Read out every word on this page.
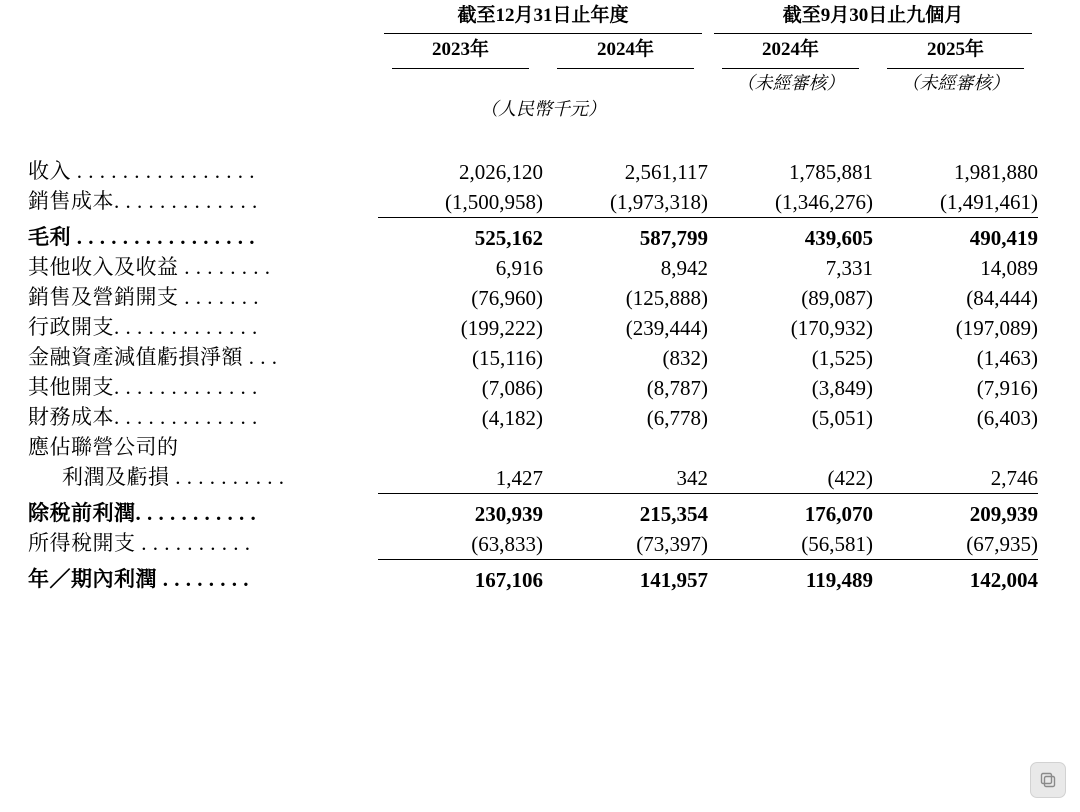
	截至12月31日止年度		截至9月30日止九個月	

	2023年	2024年	2024年	2025年

			（未經審核）	（未經審核）
	（人民幣千元）			

收入 . . . . . . . . . . . . . . . .	2,026,120	2,561,117	1,785,881	1,981,880

銷售成本. . . . . . . . . . . . .	(1,500,958)	(1,973,318)	(1,346,276)	(1,491,461)

毛利 . . . . . . . . . . . . . . . .	525,162	587,799	439,605	490,419

其他收入及收益 . . . . . . . .	6,916	8,942	7,331	14,089

銷售及營銷開支 . . . . . . .	(76,960)	(125,888)	(89,087)	(84,444)

行政開支. . . . . . . . . . . . .	(199,222)	(239,444)	(170,932)	(197,089)

金融資產減值虧損淨額 . . .	(15,116)	(832)	(1,525)	(1,463)

其他開支. . . . . . . . . . . . .	(7,086)	(8,787)	(3,849)	(7,916)

財務成本. . . . . . . . . . . . .	(4,182)	(6,778)	(5,051)	(6,403)

應佔聯營公司的	

利潤及虧損 . . . . . . . . . .	1,427	342	(422)	2,746

除稅前利潤. . . . . . . . . . .	230,939	215,354	176,070	209,939

所得稅開支 . . . . . . . . . .	(63,833)	(73,397)	(56,581)	(67,935)

年／期內利潤 . . . . . . . .	167,106	141,957	119,489	142,004
